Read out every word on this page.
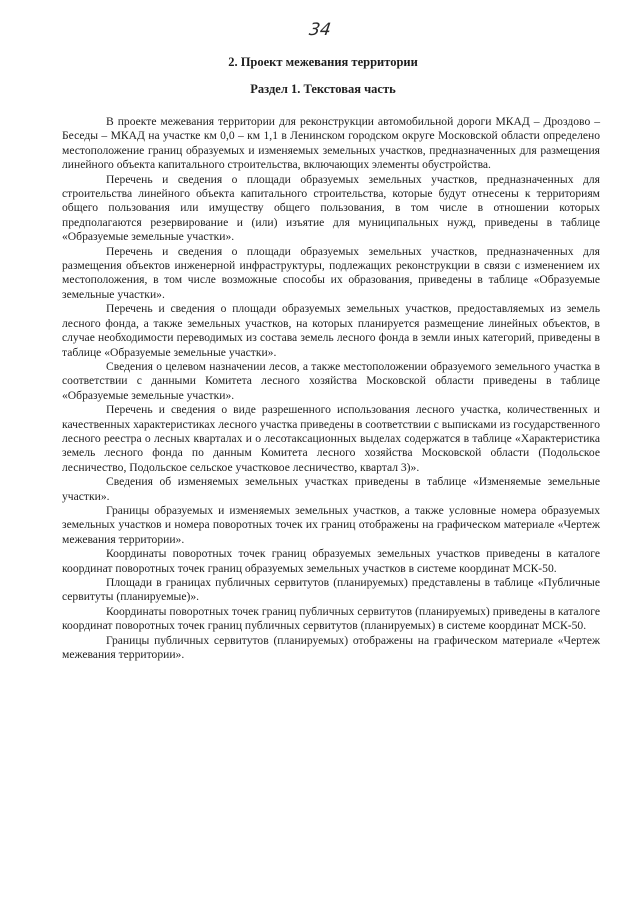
34
2. Проект межевания территории
Раздел 1. Текстовая часть

В проекте межевания территории для реконструкции автомобильной дороги МКАД – Дроздово – Беседы – МКАД на участке км 0,0 – км 1,1 в Ленинском городском округе Московской области определено местоположение границ образуемых и изменяемых земельных участков, предназначенных для размещения линейного объекта капитального строительства, включающих элементы обустройства.

Перечень и сведения о площади образуемых земельных участков, предназначенных для строительства линейного объекта капитального строительства, которые будут отнесены к территориям общего пользования или имуществу общего пользования, в том числе в отношении которых предполагаются резервирование и (или) изъятие для муниципальных нужд, приведены в таблице «Образуемые земельные участки».

Перечень и сведения о площади образуемых земельных участков, предназначенных для размещения объектов инженерной инфраструктуры, подлежащих реконструкции в связи с изменением их местоположения, в том числе возможные способы их образования, приведены в таблице «Образуемые земельные участки».

Перечень и сведения о площади образуемых земельных участков, предоставляемых из земель лесного фонда, а также земельных участков, на которых планируется размещение линейных объектов, в случае необходимости переводимых из состава земель лесного фонда в земли иных категорий, приведены в таблице «Образуемые земельные участки».

Сведения о целевом назначении лесов, а также местоположении образуемого земельного участка в соответствии с данными Комитета лесного хозяйства Московской области приведены в таблице «Образуемые земельные участки».

Перечень и сведения о виде разрешенного использования лесного участка, количественных и качественных характеристиках лесного участка приведены в соответствии с выписками из государственного лесного реестра о лесных кварталах и о лесотаксационных выделах содержатся в таблице «Характеристика земель лесного фонда по данным Комитета лесного хозяйства Московской области (Подольское лесничество, Подольское сельское участковое лесничество, квартал 3)».

Сведения об изменяемых земельных участках приведены в таблице «Изменяемые земельные участки».

Границы образуемых и изменяемых земельных участков, а также условные номера образуемых земельных участков и номера поворотных точек их границ отображены на графическом материале «Чертеж межевания территории».

Координаты поворотных точек границ образуемых земельных участков приведены в каталоге координат поворотных точек границ образуемых земельных участков в системе координат МСК-50.

Площади в границах публичных сервитутов (планируемых) представлены в таблице «Публичные сервитуты (планируемые)».

Координаты поворотных точек границ публичных сервитутов (планируемых) приведены в каталоге координат поворотных точек границ публичных сервитутов (планируемых) в системе координат МСК-50.

Границы публичных сервитутов (планируемых) отображены на графическом материале «Чертеж межевания территории».
